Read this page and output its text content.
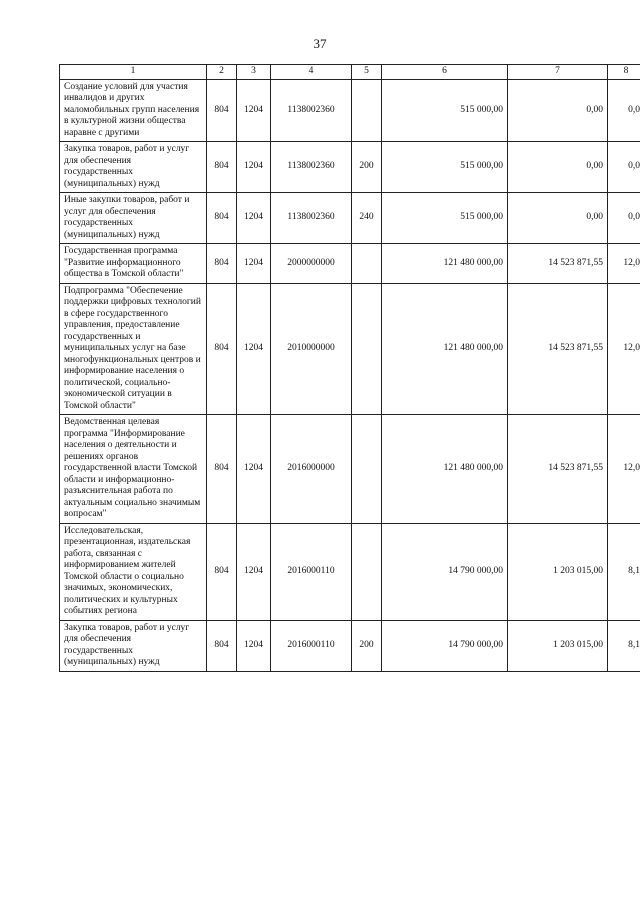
37
1	2	3	4	5	6	7	8
Создание условий для участия инвалидов и других маломобильных групп населения в культурной жизни общества наравне с другими	804	1204	1138002360		515 000,00	0,00	0,0
Закупка товаров, работ и услуг для обеспечения государственных (муниципальных) нужд	804	1204	1138002360	200	515 000,00	0,00	0,0
Иные закупки товаров, работ и услуг для обеспечения государственных (муниципальных) нужд	804	1204	1138002360	240	515 000,00	0,00	0,0
Государственная программа "Развитие информационного общества в Томской области"	804	1204	2000000000		121 480 000,00	14 523 871,55	12,0
Подпрограмма "Обеспечение поддержки цифровых технологий в сфере государственного управления, предоставление государственных и муниципальных услуг на базе многофункциональных центров и информирование населения о политической, социально-экономической ситуации в Томской области"	804	1204	2010000000		121 480 000,00	14 523 871,55	12,0
Ведомственная целевая программа "Информирование населения о деятельности и решениях органов государственной власти Томской области и информационно-разъяснительная работа по актуальным социально значимым вопросам"	804	1204	2016000000		121 480 000,00	14 523 871,55	12,0
Исследовательская, презентационная, издательская работа, связанная с информированием жителей Томской области о социально значимых, экономических, политических и культурных событиях региона	804	1204	2016000110		14 790 000,00	1 203 015,00	8,1
Закупка товаров, работ и услуг для обеспечения государственных (муниципальных) нужд	804	1204	2016000110	200	14 790 000,00	1 203 015,00	8,1
